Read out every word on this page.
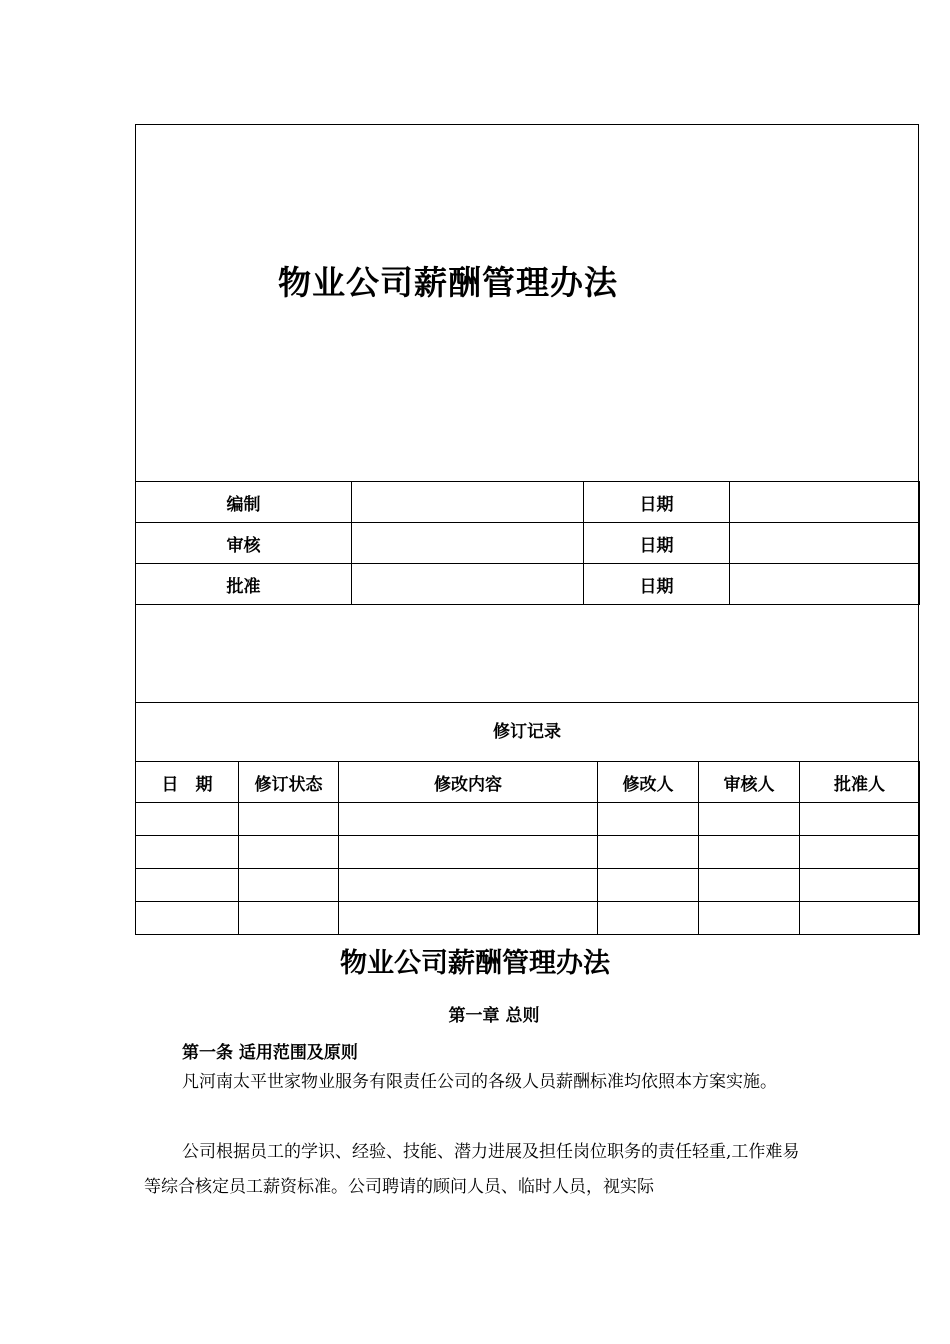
物业公司薪酬管理办法
编制		日期	
审核		日期	
批准		日期	
修订记录
日　期	修订状态	修改内容	修改人	审核人	批准人

物业公司薪酬管理办法
第一章 总则
第一条 适用范围及原则

凡河南太平世家物业服务有限责任公司的各级人员薪酬标准均依照本方案实施。

公司根据员工的学识、经验、技能、潜力进展及担任岗位职务的责任轻重,工作难易等综合核定员工薪资标准。公司聘请的顾问人员、临时人员，视实际
